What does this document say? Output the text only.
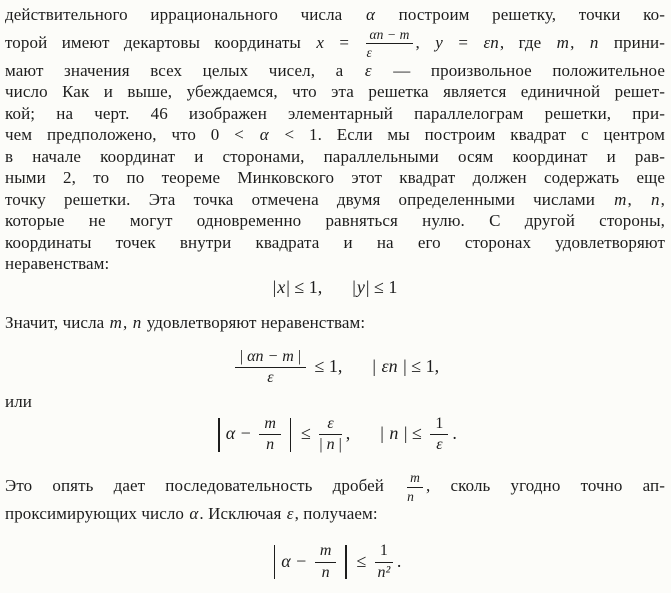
действительного иррационального числа α построим решетку, точки ко-
торой имеют декартовы координаты $x = \frac{\alpha n - m}{\varepsilon}$ , y = εn, где m, n прини-
мают значения всех целых чисел, а ε — произвольное положительное
число Как и выше, убеждаемся, что эта решетка является единичной решет-
кой; на черт. 46 изображен элементарный параллелограм решетки, при-
чем предположено, что 0 < α < 1. Если мы построим квадрат с центром
в начале координат и сторонами, параллельными осям координат и рав-
ными 2, то по теореме Минковского этот квадрат должен содержать еще
точку решетки. Эта точка отмечена двумя определенными числами m, n,
которые не могут одновременно равняться нулю. С другой стороны,
координаты точек внутри квадрата и на его сторонах удовлетворяют
неравенствам:
|x| ≤ 1, |y| ≤ 1
Значит, числа m, n удовлетворяют неравенствам:
$\frac{| \alpha n - m |}{\varepsilon} \le 1$, | εn | ≤ 1,
или
$\alpha - \frac{m}{n} \le \frac{\varepsilon}{| n |}$ , | n | ≤ $\frac{1}{\varepsilon}$ .
Это опять дает последовательность дробей $\frac{m}{n}$ , сколь угодно точно ап-
проксимирующих число α. Исключая ε, получаем:
$\alpha - \frac{m}{n} \le \frac{1}{\text{n²}}$ .
